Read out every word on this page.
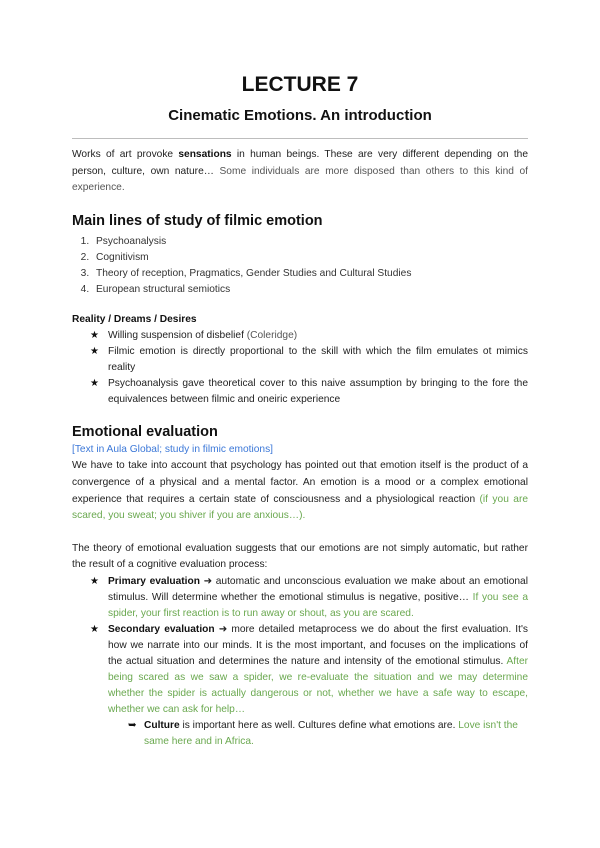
LECTURE 7
Cinematic Emotions. An introduction

Works of art provoke sensations in human beings. These are very different depending on the person, culture, own nature… Some individuals are more disposed than others to this kind of experience.

Main lines of study of filmic emotion
1. Psychoanalysis
2. Cognitivism
3. Theory of reception, Pragmatics, Gender Studies and Cultural Studies
4. European structural semiotics
Reality / Dreams / Desires
★ Willing suspension of disbelief (Coleridge)
★ Filmic emotion is directly proportional to the skill with which the film emulates ot mimics reality
★ Psychoanalysis gave theoretical cover to this naive assumption by bringing to the fore the equivalences between filmic and oneiric experience
Emotional evaluation

[Text in Aula Global; study in filmic emotions]

We have to take into account that psychology has pointed out that emotion itself is the product of a convergence of a physical and a mental factor. An emotion is a mood or a complex emotional experience that requires a certain state of consciousness and a physiological reaction (if you are scared, you sweat; you shiver if you are anxious…).

The theory of emotional evaluation suggests that our emotions are not simply automatic, but rather the result of a cognitive evaluation process:

★ Primary evaluation ➜ automatic and unconscious evaluation we make about an emotional stimulus. Will determine whether the emotional stimulus is negative, positive… If you see a spider, your first reaction is to run away or shout, as you are scared.
★ Secondary evaluation ➜ more detailed metaprocess we do about the first evaluation. It's how we narrate into our minds. It is the most important, and focuses on the implications of the actual situation and determines the nature and intensity of the emotional stimulus. After being scared as we saw a spider, we re-evaluate the situation and we may determine whether the spider is actually dangerous or not, whether we have a safe way to escape, whether we can ask for help…
➥ Culture is important here as well. Cultures define what emotions are. Love isn't the same here and in Africa.
